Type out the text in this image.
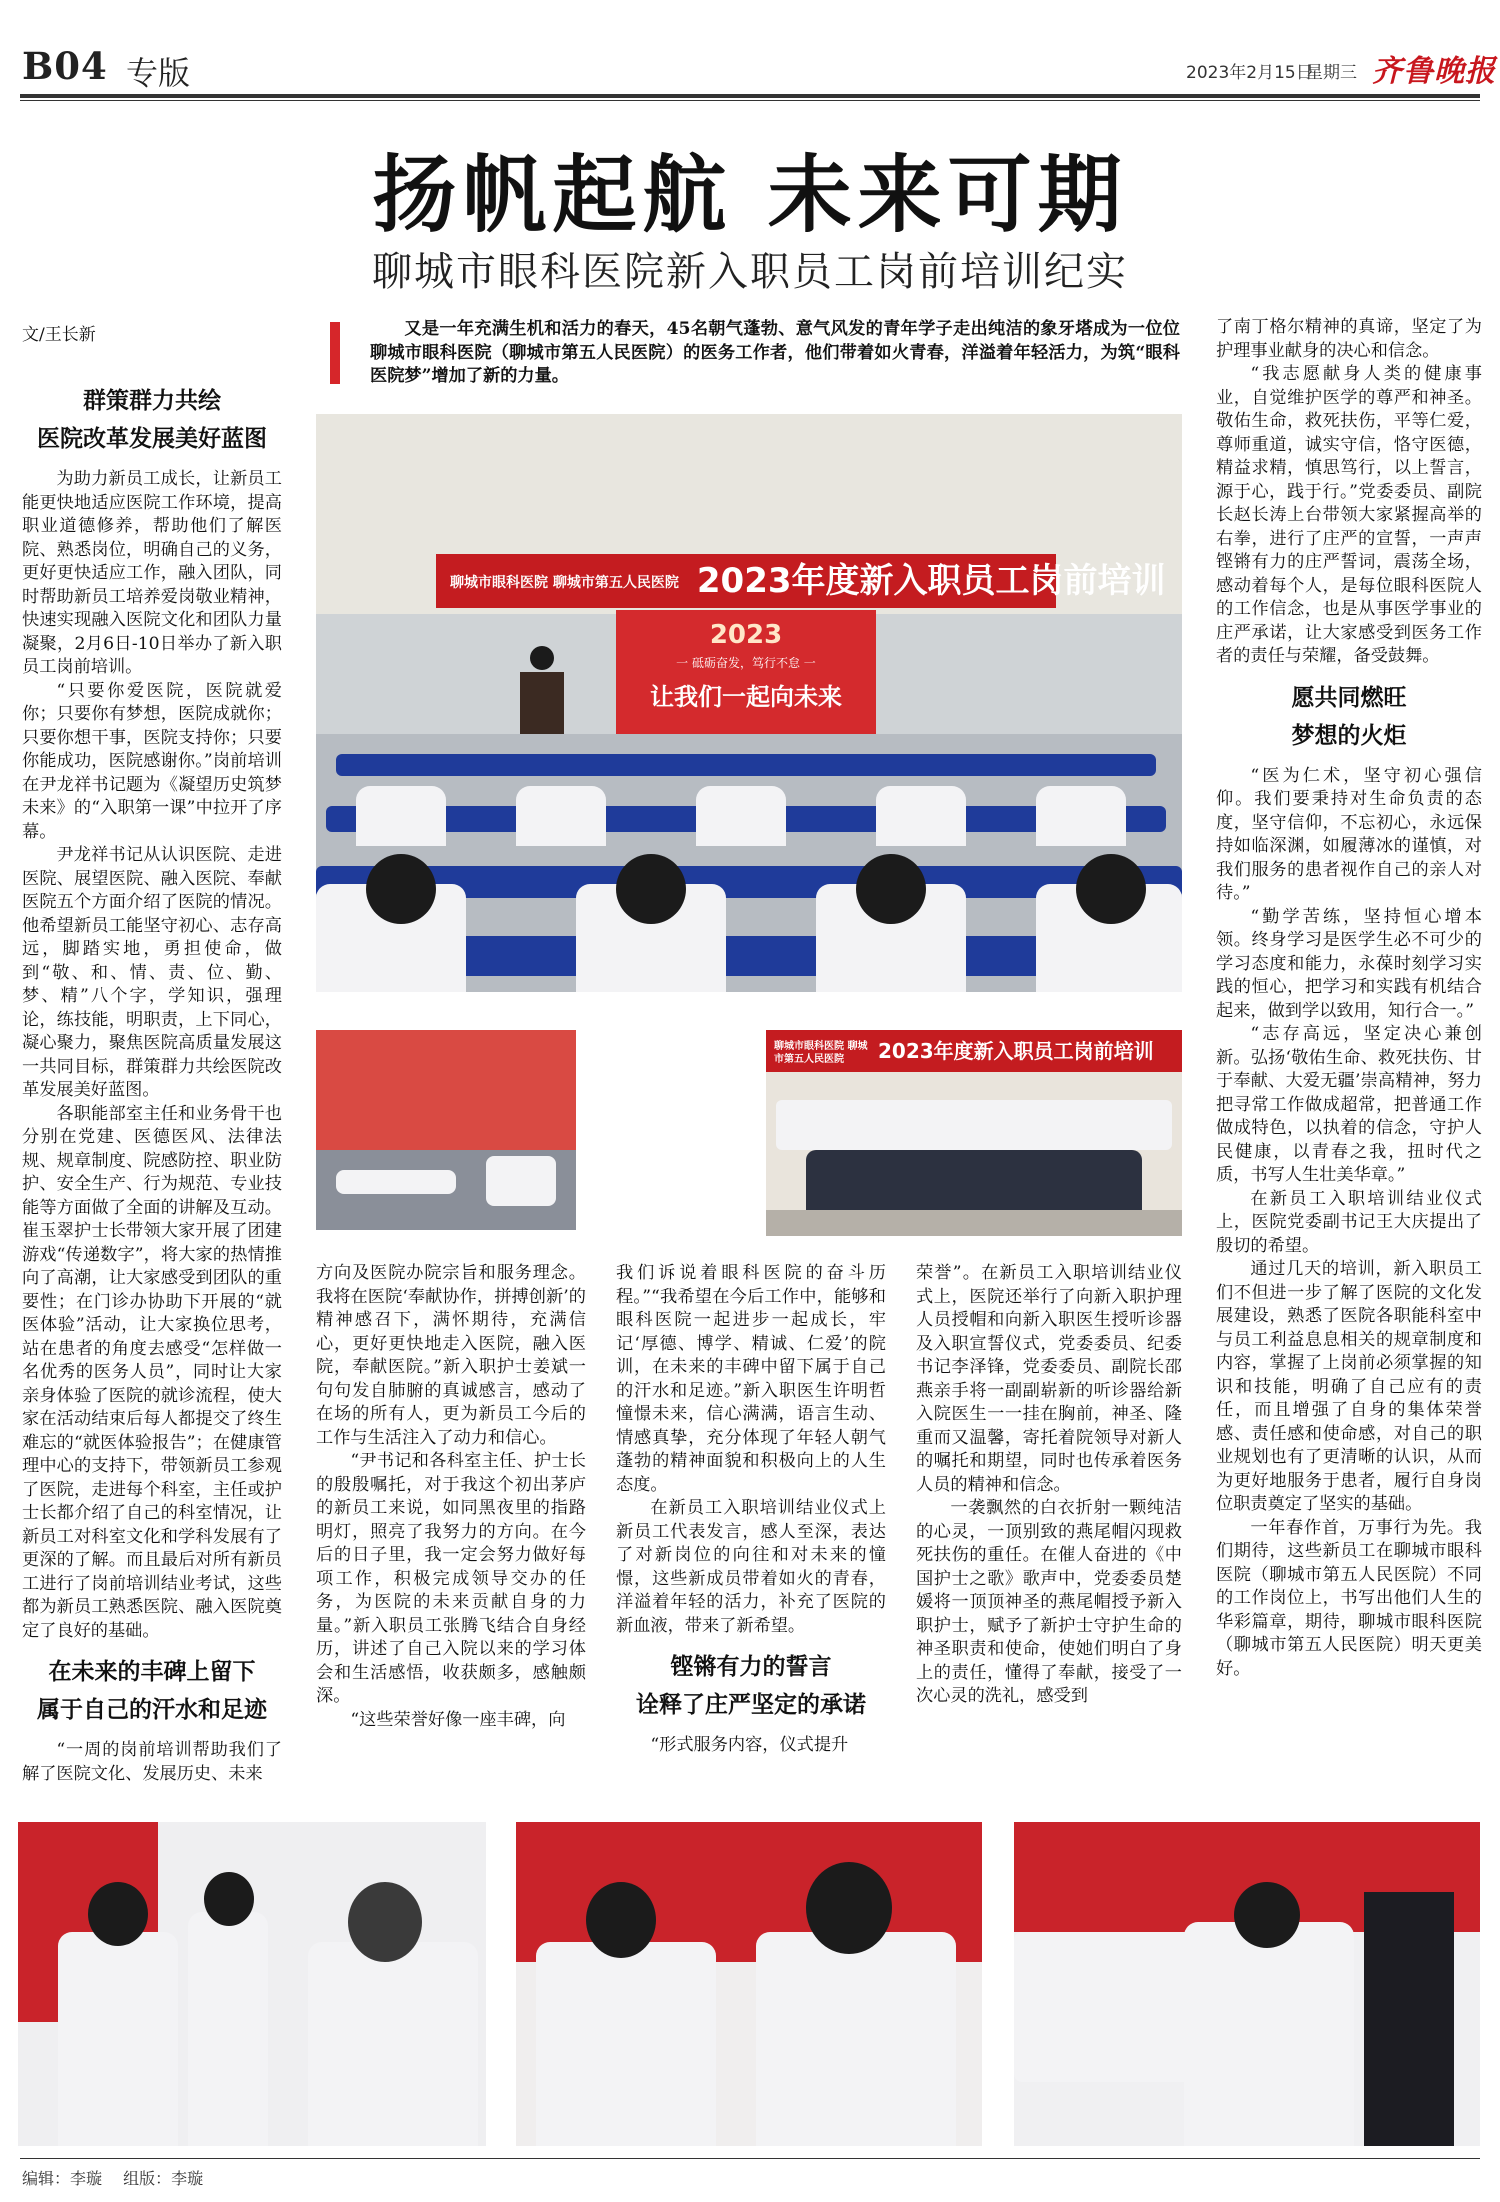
B04 专版	2023年2月15日
星期三 齐鲁晚报
扬帆起航 未来可期
聊城市眼科医院新入职员工岗前培训纪实
文/王长新	又是一年充满生机和活力的春天，45名朝气蓬勃、意气风发的青年学子走出纯洁的象牙塔成为一位位聊城市眼科医院（聊城市第五人民医院）的医务工作者，他们带着如火青春，洋溢着年轻活力，为筑“眼科医院梦”增加了新的力量。
群策群力共绘
医院改革发展美好蓝图

为助力新员工成长，让新员工能更快地适应医院工作环境，提高职业道德修养，帮助他们了解医院、熟悉岗位，明确自己的义务，更好更快适应工作，融入团队，同时帮助新员工培养爱岗敬业精神，快速实现融入医院文化和团队力量凝聚，2月6日-10日举办了新入职员工岗前培训。

“只要你爱医院，医院就爱你；只要你有梦想，医院成就你；只要你想干事，医院支持你；只要你能成功，医院感谢你。”岗前培训在尹龙祥书记题为《凝望历史筑梦未来》的“入职第一课”中拉开了序幕。

尹龙祥书记从认识医院、走进医院、展望医院、融入医院、奉献医院五个方面介绍了医院的情况。他希望新员工能坚守初心、志存高远，脚踏实地，勇担使命，做到“敬、和、情、责、位、勤、梦、精”八个字，学知识，强理论，练技能，明职责，上下同心，凝心聚力，聚焦医院高质量发展这一共同目标，群策群力共绘医院改革发展美好蓝图。

各职能部室主任和业务骨干也分别在党建、医德医风、法律法规、规章制度、院感防控、职业防护、安全生产、行为规范、专业技能等方面做了全面的讲解及互动。崔玉翠护士长带领大家开展了团建游戏“传递数字”，将大家的热情推向了高潮，让大家感受到团队的重要性；在门诊办协助下开展的“就医体验”活动，让大家换位思考，站在患者的角度去感受“怎样做一名优秀的医务人员”，同时让大家亲身体验了医院的就诊流程，使大家在活动结束后每人都提交了终生难忘的“就医体验报告”；在健康管理中心的支持下，带领新员工参观了医院，走进每个科室，主任或护士长都介绍了自己的科室情况，让新员工对科室文化和学科发展有了更深的了解。而且最后对所有新员工进行了岗前培训结业考试，这些都为新员工熟悉医院、融入医院奠定了良好的基础。

在未来的丰碑上留下
属于自己的汗水和足迹

“一周的岗前培训帮助我们了解了医院文化、发展历史、未来

聊城市眼科医院 聊城市第五人民医院 2023年度新入职员工岗前培训
2023
一 砥砺奋发，笃行不怠 一
让我们一起向未来
聊城市眼科医院 聊城市第五人民医院 2023年度新入职员工岗前培训

方向及医院办院宗旨和服务理念。我将在医院‘奉献协作，拼搏创新’的精神感召下，满怀期待，充满信心，更好更快地走入医院，融入医院，奉献医院。”新入职护士姜斌一句句发自肺腑的真诚感言，感动了在场的所有人，更为新员工今后的工作与生活注入了动力和信心。

“尹书记和各科室主任、护士长的殷殷嘱托，对于我这个初出茅庐的新员工来说，如同黑夜里的指路明灯，照亮了我努力的方向。在今后的日子里，我一定会努力做好每项工作，积极完成领导交办的任务，为医院的未来贡献自身的力量。”新入职员工张腾飞结合自身经历，讲述了自己入院以来的学习体会和生活感悟，收获颇多，感触颇深。

“这些荣誉好像一座丰碑，向

我们诉说着眼科医院的奋斗历程。”“我希望在今后工作中，能够和眼科医院一起进步一起成长，牢记‘厚德、博学、精诚、仁爱’的院训，在未来的丰碑中留下属于自己的汗水和足迹。”新入职医生许明哲憧憬未来，信心满满，语言生动、情感真挚，充分体现了年轻人朝气蓬勃的精神面貌和积极向上的人生态度。

在新员工入职培训结业仪式上新员工代表发言，感人至深，表达了对新岗位的向往和对未来的憧憬，这些新成员带着如火的青春，洋溢着年轻的活力，补充了医院的新血液，带来了新希望。

铿锵有力的誓言
诠释了庄严坚定的承诺

“形式服务内容，仪式提升

荣誉”。在新员工入职培训结业仪式上，医院还举行了向新入职护理人员授帽和向新入职医生授听诊器及入职宣誓仪式，党委委员、纪委书记李泽锋，党委委员、副院长邵燕亲手将一副副崭新的听诊器给新入院医生一一挂在胸前，神圣、隆重而又温馨，寄托着院领导对新人的嘱托和期望，同时也传承着医务人员的精神和信念。

一袭飘然的白衣折射一颗纯洁的心灵，一顶别致的燕尾帽闪现救死扶伤的重任。在催人奋进的《中国护士之歌》歌声中，党委委员楚媛将一顶顶神圣的燕尾帽授予新入职护士，赋予了新护士守护生命的神圣职责和使命，使她们明白了身上的责任，懂得了奉献，接受了一次心灵的洗礼，感受到

了南丁格尔精神的真谛，坚定了为护理事业献身的决心和信念。

“我志愿献身人类的健康事业，自觉维护医学的尊严和神圣。敬佑生命，救死扶伤，平等仁爱，尊师重道，诚实守信，恪守医德，精益求精，慎思笃行，以上誓言，源于心，践于行。”党委委员、副院长赵长涛上台带领大家紧握高举的右拳，进行了庄严的宣誓，一声声铿锵有力的庄严誓词，震荡全场，感动着每个人，是每位眼科医院人的工作信念，也是从事医学事业的庄严承诺，让大家感受到医务工作者的责任与荣耀，备受鼓舞。

愿共同燃旺
梦想的火炬

“医为仁术，坚守初心强信仰。我们要秉持对生命负责的态度，坚守信仰，不忘初心，永远保持如临深渊，如履薄冰的谨慎，对我们服务的患者视作自己的亲人对待。”

“勤学苦练，坚持恒心增本领。终身学习是医学生必不可少的学习态度和能力，永葆时刻学习实践的恒心，把学习和实践有机结合起来，做到学以致用，知行合一。”

“志存高远，坚定决心兼创新。弘扬‘敬佑生命、救死扶伤、甘于奉献、大爱无疆’崇高精神，努力把寻常工作做成超常，把普通工作做成特色，以执着的信念，守护人民健康，以青春之我，扭时代之质，书写人生壮美华章。”

在新员工入职培训结业仪式上，医院党委副书记王大庆提出了殷切的希望。

通过几天的培训，新入职员工们不但进一步了解了医院的文化发展建设，熟悉了医院各职能科室中与员工利益息息相关的规章制度和内容，掌握了上岗前必须掌握的知识和技能，明确了自己应有的责任，而且增强了自身的集体荣誉感、责任感和使命感，对自己的职业规划也有了更清晰的认识，从而为更好地服务于患者，履行自身岗位职责奠定了坚实的基础。

一年春作首，万事行为先。我们期待，这些新员工在聊城市眼科医院（聊城市第五人民医院）不同的工作岗位上，书写出他们人生的华彩篇章，期待，聊城市眼科医院（聊城市第五人民医院）明天更美好。

编辑：李璇 组版：李璇
